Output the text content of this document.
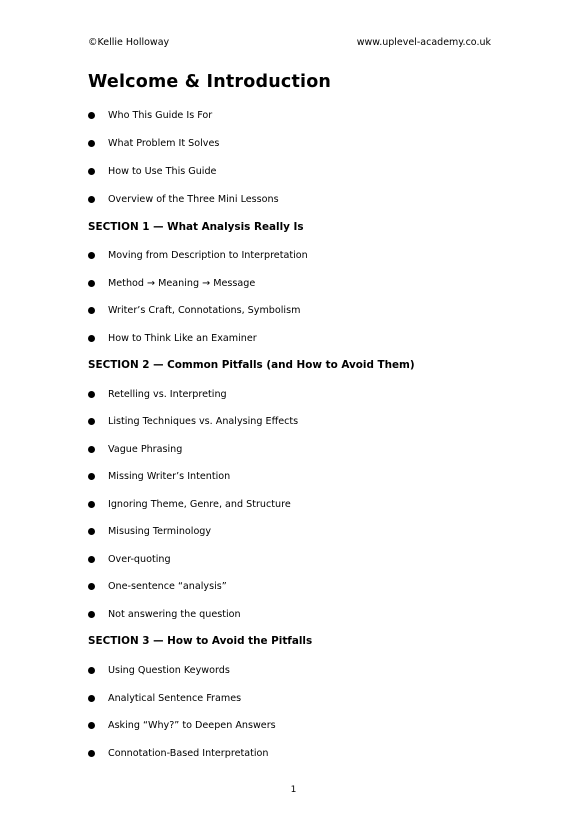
©Kellie Holloway	www.uplevel-academy.co.uk
Welcome & Introduction
Who This Guide Is For
What Problem It Solves
How to Use This Guide
Overview of the Three Mini Lessons
SECTION 1 — What Analysis Really Is
Moving from Description to Interpretation
Method → Meaning → Message
Writer’s Craft, Connotations, Symbolism
How to Think Like an Examiner
SECTION 2 — Common Pitfalls (and How to Avoid Them)
Retelling vs. Interpreting
Listing Techniques vs. Analysing Effects
Vague Phrasing
Missing Writer’s Intention
Ignoring Theme, Genre, and Structure
Misusing Terminology
Over-quoting
One-sentence “analysis”
Not answering the question
SECTION 3 — How to Avoid the Pitfalls
Using Question Keywords
Analytical Sentence Frames
Asking “Why?” to Deepen Answers
Connotation-Based Interpretation
1
